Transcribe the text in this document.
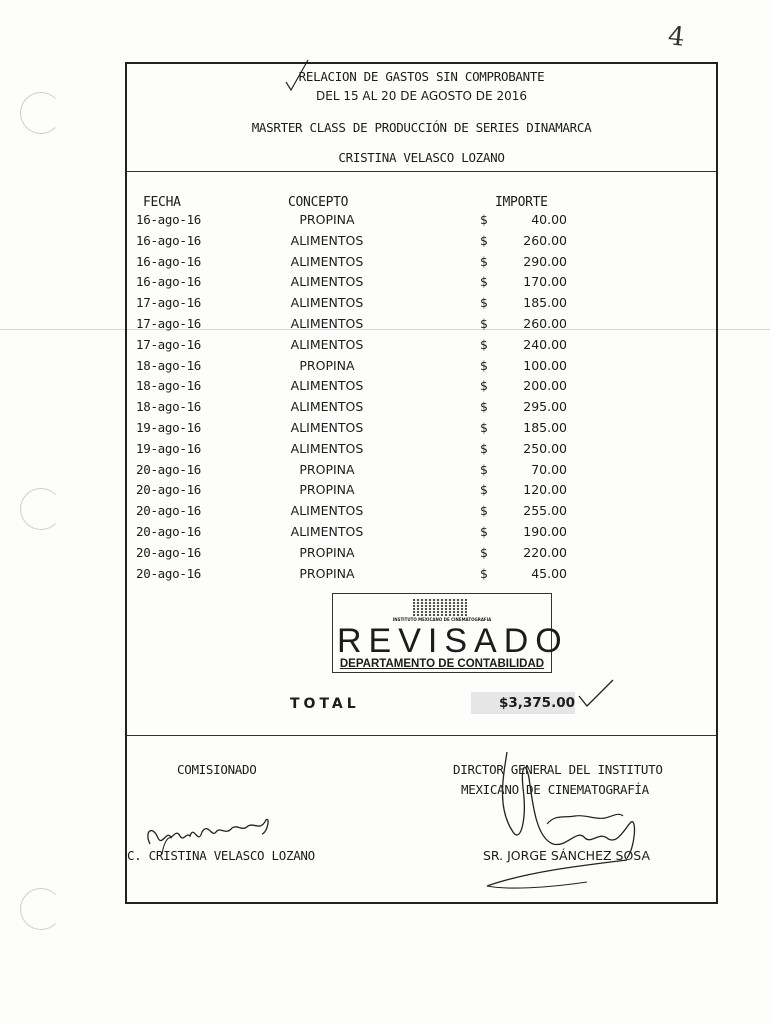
4
RELACION DE GASTOS SIN COMPROBANTE
DEL 15 AL 20 DE AGOSTO DE 2016
MASRTER CLASS DE PRODUCCIÓN DE SERIES DINAMARCA
CRISTINA VELASCO LOZANO
FECHA	CONCEPTO	IMPORTE
16-ago-16	PROPINA	$	40.00
16-ago-16	ALIMENTOS	$	260.00
16-ago-16	ALIMENTOS	$	290.00
16-ago-16	ALIMENTOS	$	170.00
17-ago-16	ALIMENTOS	$	185.00
17-ago-16	ALIMENTOS	$	260.00
17-ago-16	ALIMENTOS	$	240.00
18-ago-16	PROPINA	$	100.00
18-ago-16	ALIMENTOS	$	200.00
18-ago-16	ALIMENTOS	$	295.00
19-ago-16	ALIMENTOS	$	185.00
19-ago-16	ALIMENTOS	$	250.00
20-ago-16	PROPINA	$	70.00
20-ago-16	PROPINA	$	120.00
20-ago-16	ALIMENTOS	$	255.00
20-ago-16	ALIMENTOS	$	190.00
20-ago-16	PROPINA	$	220.00
20-ago-16	PROPINA	$	45.00
INSTITUTO MEXICANO DE CINEMATOGRAFIA
REVISADO
DEPARTAMENTO DE CONTABILIDAD
TOTAL	$3,375.00
COMISIONADO
C. CRISTINA VELASCO LOZANO
DIRCTOR GENERAL DEL INSTITUTO
MEXICANO DE CINEMATOGRAFÍA
SR. JORGE SÁNCHEZ SOSA
